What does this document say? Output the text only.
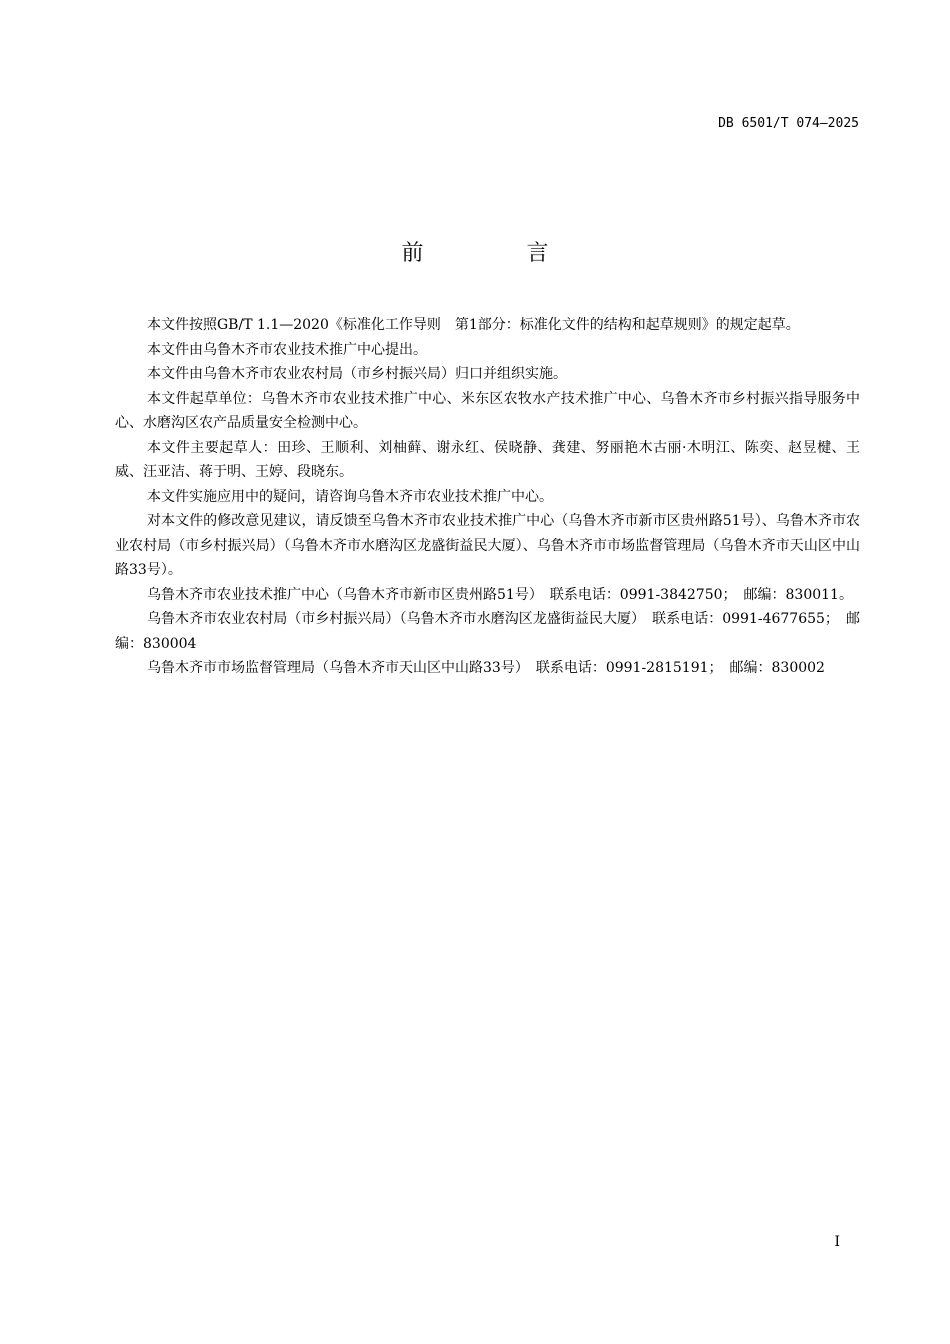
DB 6501/T 074—2025
前 言

本文件按照GB/T 1.1—2020《标准化工作导则　第1部分：标准化文件的结构和起草规则》的规定起草。

本文件由乌鲁木齐市农业技术推广中心提出。

本文件由乌鲁木齐市农业农村局（市乡村振兴局）归口并组织实施。

本文件起草单位：乌鲁木齐市农业技术推广中心、米东区农牧水产技术推广中心、乌鲁木齐市乡村振兴指导服务中心、水磨沟区农产品质量安全检测中心。

本文件主要起草人：田珍、王顺利、刘柚藓、谢永红、侯晓静、龚建、努丽艳木古丽·木明江、陈奕、赵昱楗、王威、汪亚洁、蒋于明、王婷、段晓东。

本文件实施应用中的疑问，请咨询乌鲁木齐市农业技术推广中心。

对本文件的修改意见建议，请反馈至乌鲁木齐市农业技术推广中心（乌鲁木齐市新市区贵州路51号）、乌鲁木齐市农业农村局（市乡村振兴局）（乌鲁木齐市水磨沟区龙盛街益民大厦）、乌鲁木齐市市场监督管理局（乌鲁木齐市天山区中山路33号）。

乌鲁木齐市农业技术推广中心（乌鲁木齐市新市区贵州路51号）　联系电话：0991-3842750；　邮编：830011。

乌鲁木齐市农业农村局（市乡村振兴局）（乌鲁木齐市水磨沟区龙盛街益民大厦）　联系电话：0991-4677655；　邮编：830004

乌鲁木齐市市场监督管理局（乌鲁木齐市天山区中山路33号）　联系电话：0991-2815191；　邮编：830002

I
